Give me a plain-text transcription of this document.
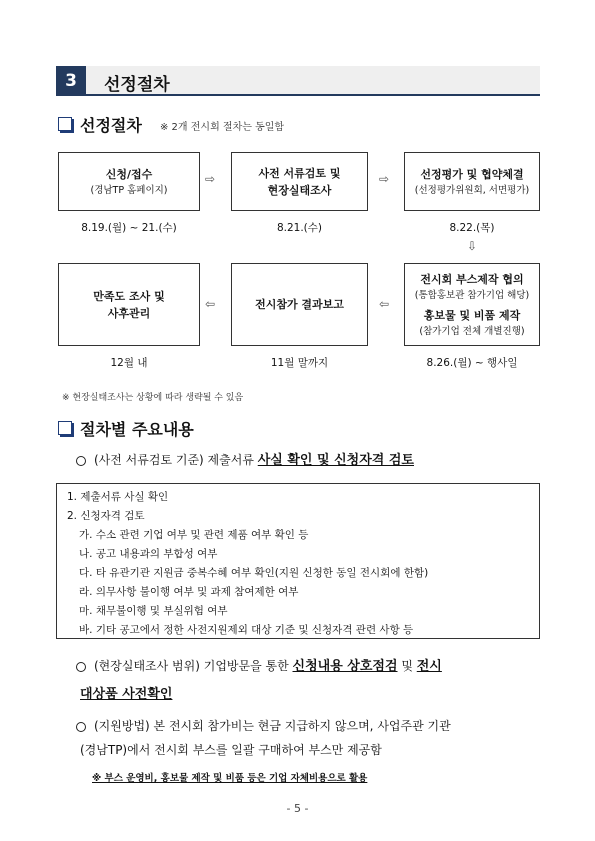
3	선정절차
선정절차 ※ 2개 전시회 절차는 동일함
신청/접수
(경남TP 홈페이지)
⇨	사전 서류검토 및
현장실태조사
⇨	선정평가 및 협약체결
(선정평가위원회, 서면평가)
8.19.(월) ~ 21.(수)	8.21.(수)	8.22.(목)
⇩
만족도 조사 및
사후관리
⇦	전시참가 결과보고	⇦
전시회 부스제작 협의
(통합홍보관 참가기업 해당)
홍보물 및 비품 제작
(참가기업 전체 개별진행)
12월 내	11월 말까지	8.26.(월) ~ 행사일
※ 현장실태조사는 상황에 따라 생략될 수 있음
절차별 주요내용
(사전 서류검토 기준) 제출서류 사실 확인 및 신청자격 검토
1. 제출서류 사실 확인
2. 신청자격 검토
가. 수소 관련 기업 여부 및 관련 제품 여부 확인 등
나. 공고 내용과의 부합성 여부
다. 타 유관기관 지원금 중복수혜 여부 확인(지원 신청한 동일 전시회에 한함)
라. 의무사항 불이행 여부 및 과제 참여제한 여부
마. 채무불이행 및 부실위험 여부
바. 기타 공고에서 정한 사전지원제외 대상 기준 및 신청자격 관련 사항 등
(현장실태조사 범위) 기업방문을 통한 신청내용 상호점검 및 전시
대상품 사전확인
(지원방법) 본 전시회 참가비는 현금 지급하지 않으며, 사업주관 기관
(경남TP)에서 전시회 부스를 일괄 구매하여 부스만 제공함
※ 부스 운영비, 홍보물 제작 및 비품 등은 기업 자체비용으로 활용
- 5 -
